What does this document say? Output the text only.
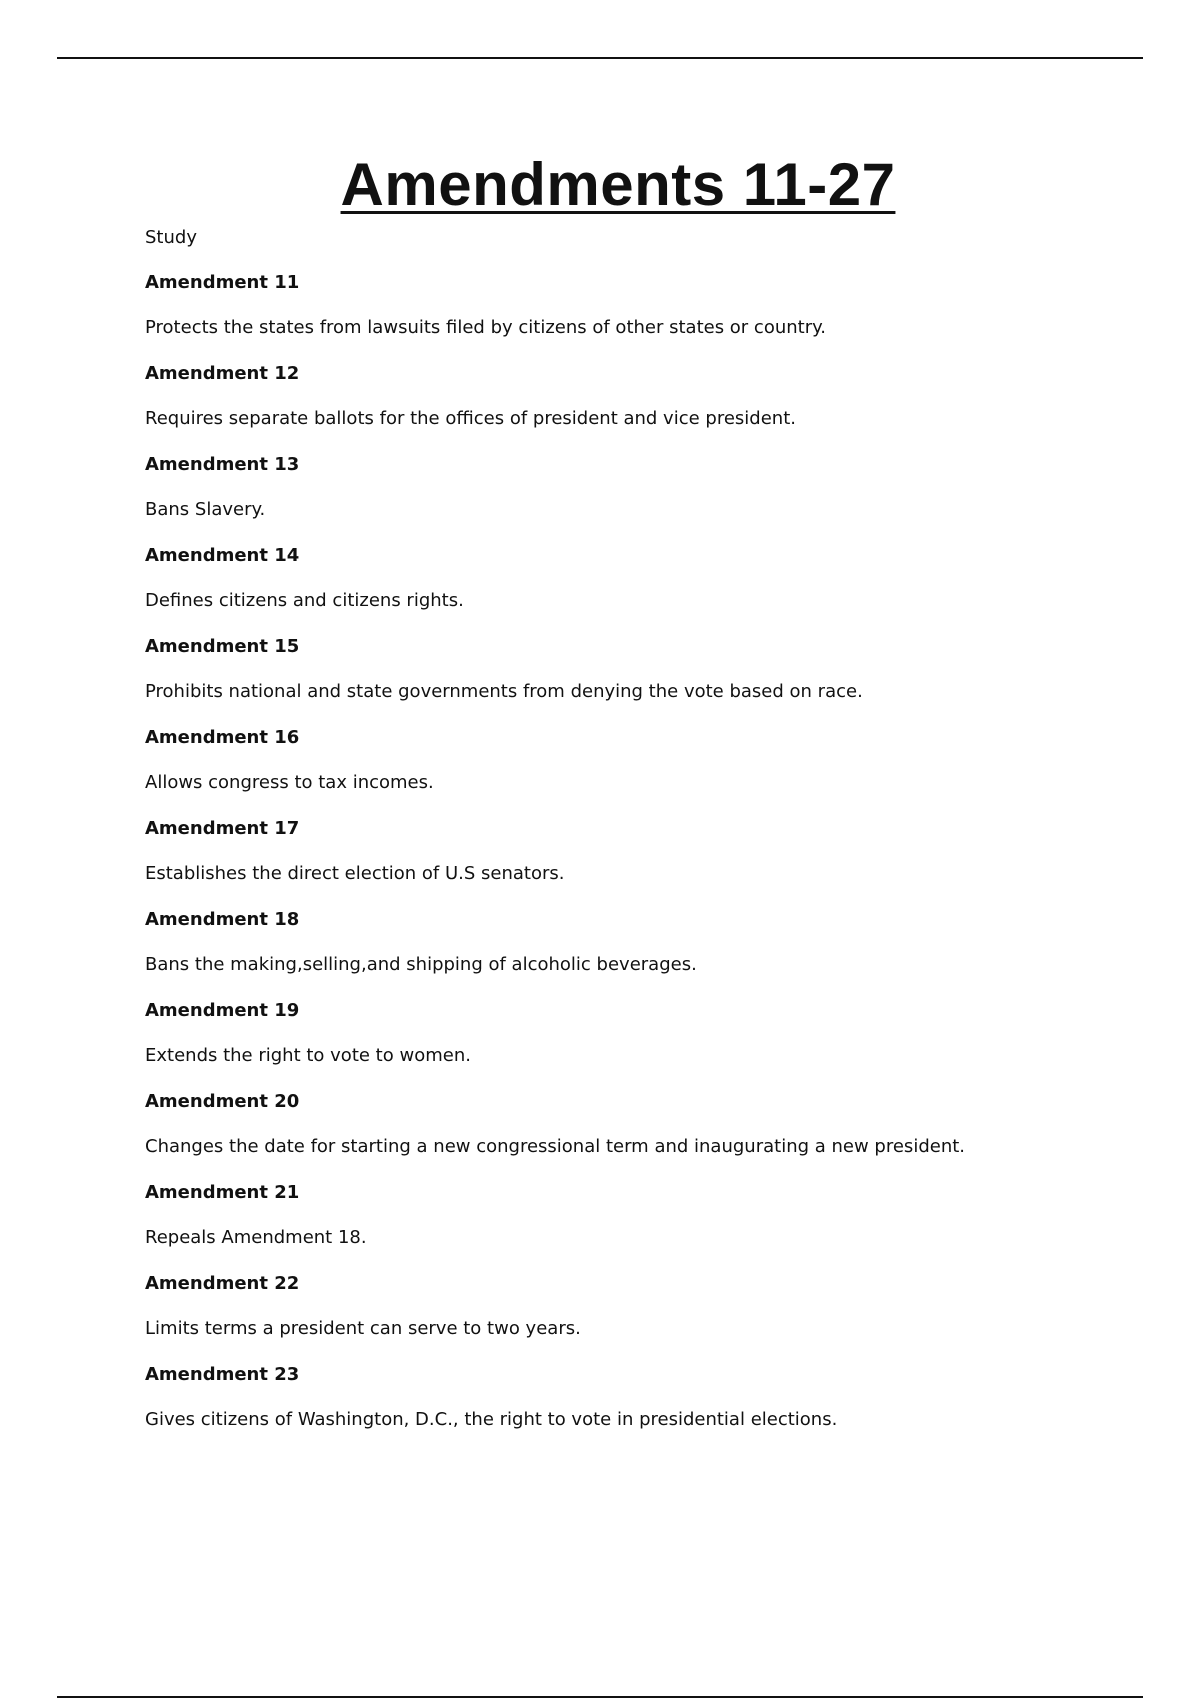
Amendments 11-27

Study

Amendment 11
Protects the states from lawsuits filed by citizens of other states or country.
Amendment 12
Requires separate ballots for the offices of president and vice president.
Amendment 13
Bans Slavery.
Amendment 14
Defines citizens and citizens rights.
Amendment 15
Prohibits national and state governments from denying the vote based on race.
Amendment 16
Allows congress to tax incomes.
Amendment 17
Establishes the direct election of U.S senators.
Amendment 18
Bans the making,selling,and shipping of alcoholic beverages.
Amendment 19
Extends the right to vote to women.
Amendment 20
Changes the date for starting a new congressional term and inaugurating a new president.
Amendment 21
Repeals Amendment 18.
Amendment 22
Limits terms a president can serve to two years.
Amendment 23
Gives citizens of Washington, D.C., the right to vote in presidential elections.
